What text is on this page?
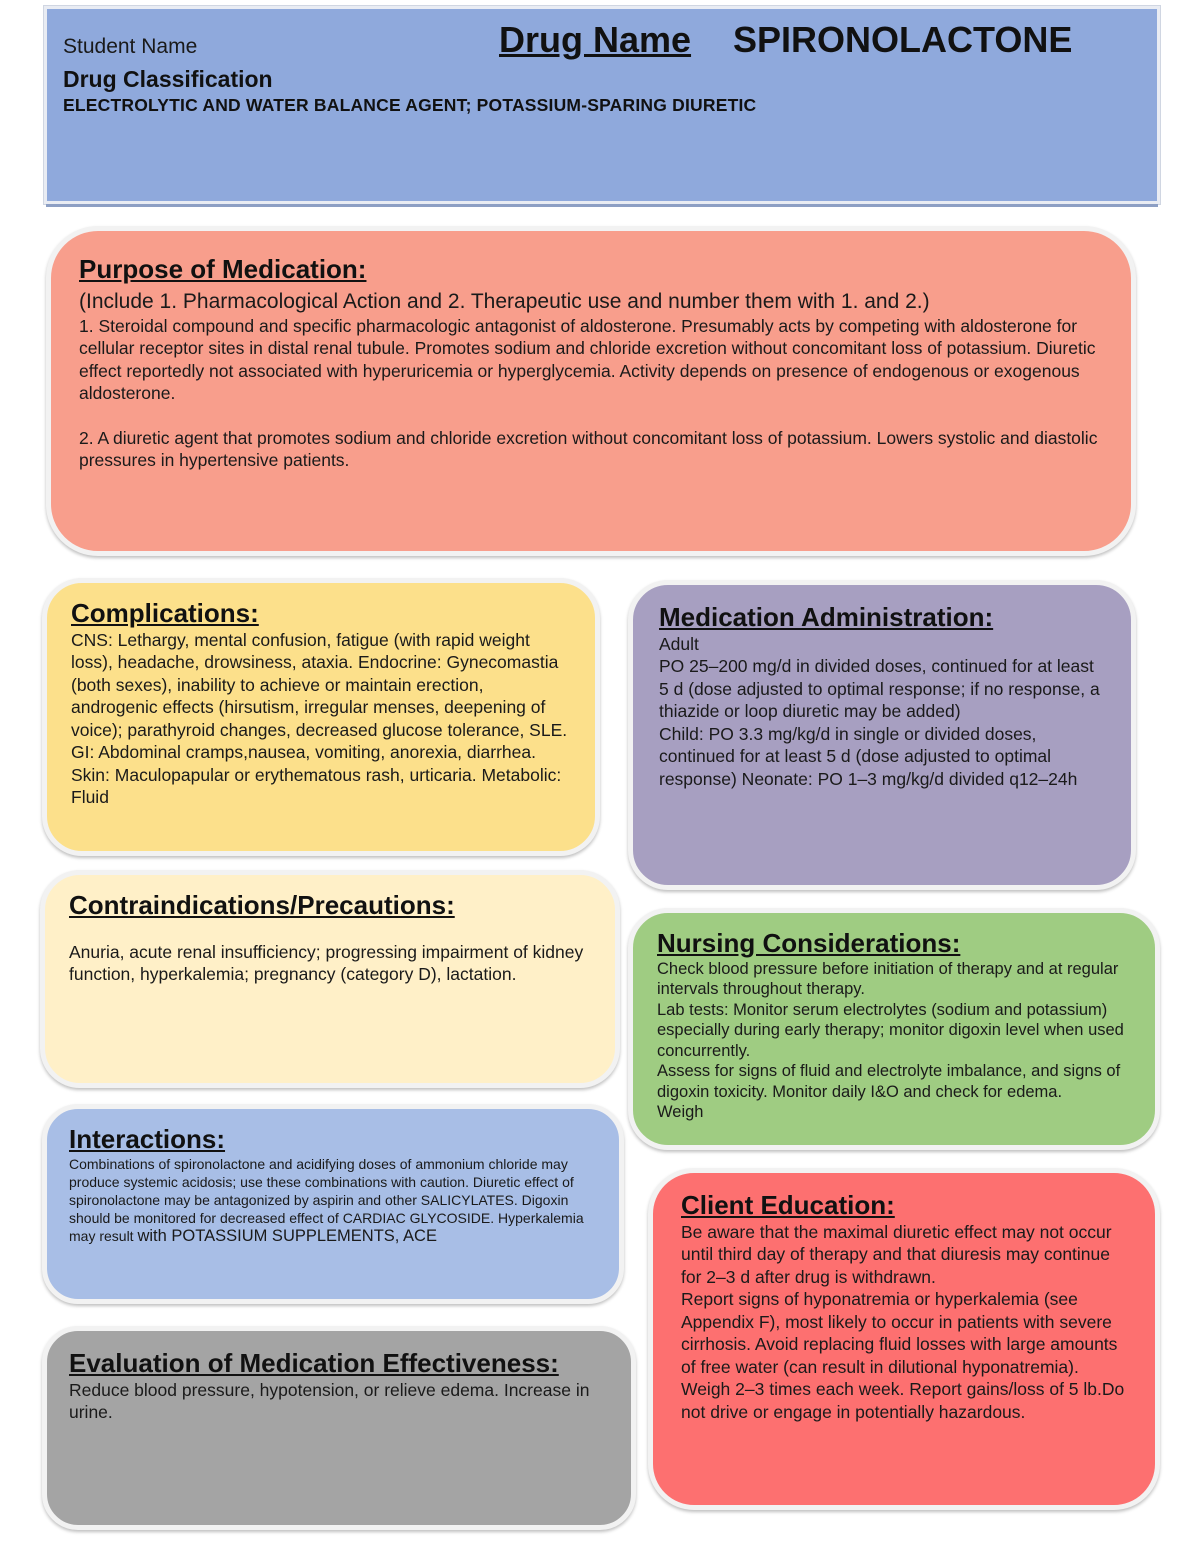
Student Name	Drug Name SPIRONOLACTONE
Drug Classification
ELECTROLYTIC AND WATER BALANCE AGENT; POTASSIUM-SPARING DIURETIC
Purpose of Medication:
(Include 1. Pharmacological Action and 2. Therapeutic use and number them with 1. and 2.)

1. Steroidal compound and specific pharmacologic antagonist of aldosterone. Presumably acts by competing with aldosterone for cellular receptor sites in distal renal tubule. Promotes sodium and chloride excretion without concomitant loss of potassium. Diuretic effect reportedly not associated with hyperuricemia or hyperglycemia. Activity depends on presence of endogenous or exogenous aldosterone.

2. A diuretic agent that promotes sodium and chloride excretion without concomitant loss of potassium. Lowers systolic and diastolic pressures in hypertensive patients.

Complications:

CNS: Lethargy, mental confusion, fatigue (with rapid weight loss), headache, drowsiness, ataxia. Endocrine: Gynecomastia (both sexes), inability to achieve or maintain erection, androgenic effects (hirsutism, irregular menses, deepening of voice); parathyroid changes, decreased glucose tolerance, SLE. GI: Abdominal cramps,nausea, vomiting, anorexia, diarrhea. Skin: Maculopapular or erythematous rash, urticaria. Metabolic: Fluid

Medication Administration:

Adult

PO 25–200 mg/d in divided doses, continued for at least 5 d (dose adjusted to optimal response; if no response, a thiazide or loop diuretic may be added)

Child: PO 3.3 mg/kg/d in single or divided doses, continued for at least 5 d (dose adjusted to optimal response) Neonate: PO 1–3 mg/kg/d divided q12–24h

Contraindications/Precautions:

Anuria, acute renal insufficiency; progressing impairment of kidney function, hyperkalemia; pregnancy (category D), lactation.

Nursing Considerations:

Check blood pressure before initiation of therapy and at regular intervals throughout therapy.

Lab tests: Monitor serum electrolytes (sodium and potassium) especially during early therapy; monitor digoxin level when used concurrently.

Assess for signs of fluid and electrolyte imbalance, and signs of digoxin toxicity. Monitor daily I&O and check for edema.

Weigh

Interactions:
Combinations of spironolactone and acidifying doses of ammonium chloride may produce systemic acidosis; use these combinations with caution. Diuretic effect of spironolactone may be antagonized by aspirin and other SALICYLATES. Digoxin should be monitored for decreased effect of CARDIAC GLYCOSIDE. Hyperkalemia may result with POTASSIUM SUPPLEMENTS, ACE
Evaluation of Medication Effectiveness:

Reduce blood pressure, hypotension, or relieve edema. Increase in urine.

Client Education:

Be aware that the maximal diuretic effect may not occur until third day of therapy and that diuresis may continue for 2–3 d after drug is withdrawn.

Report signs of hyponatremia or hyperkalemia (see Appendix F), most likely to occur in patients with severe cirrhosis. Avoid replacing fluid losses with large amounts of free water (can result in dilutional hyponatremia).

Weigh 2–3 times each week. Report gains/loss of 5 lb.Do not drive or engage in potentially hazardous.
